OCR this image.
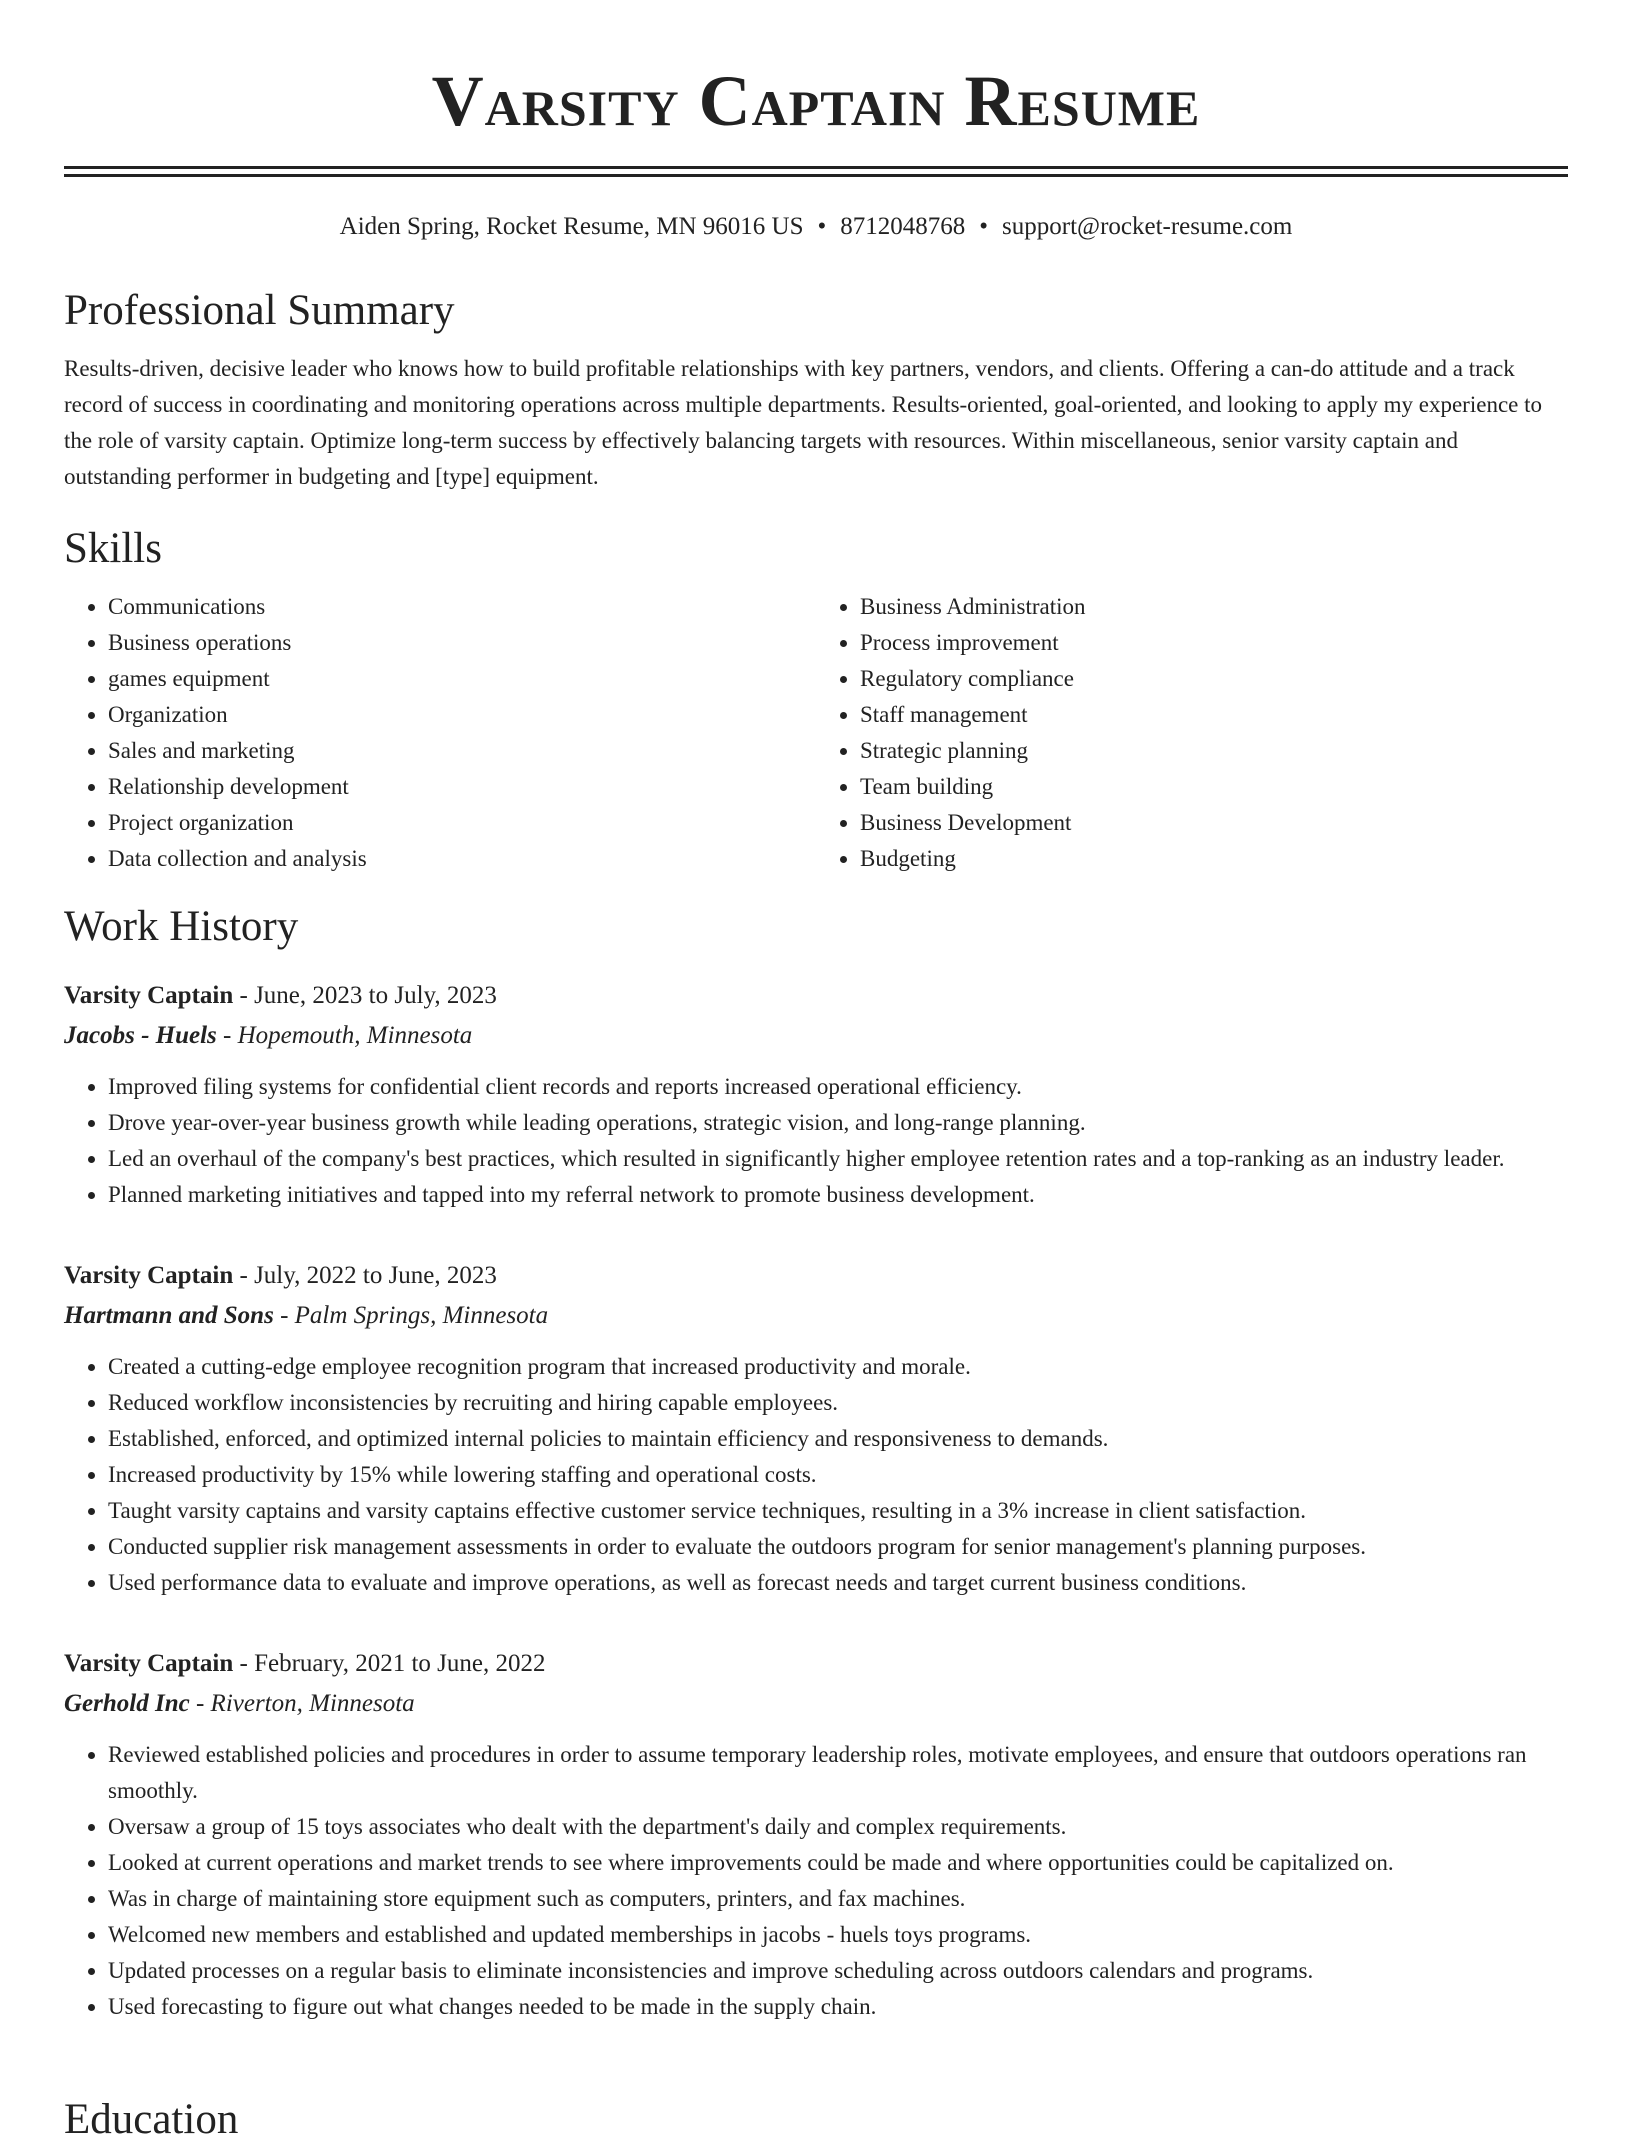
Varsity Captain Resume
Aiden Spring, Rocket Resume, MN 96016 US • 8712048768 • support@rocket-resume.com
Professional Summary

Results-driven, decisive leader who knows how to build profitable relationships with key partners, vendors, and clients. Offering a can-do attitude and a track record of success in coordinating and monitoring operations across multiple departments. Results-oriented, goal-oriented, and looking to apply my experience to the role of varsity captain. Optimize long-term success by effectively balancing targets with resources. Within miscellaneous, senior varsity captain and outstanding performer in budgeting and [type] equipment.

Skills
• Communications
• Business operations
• games equipment
• Organization
• Sales and marketing
• Relationship development
• Project organization
• Data collection and analysis
• Business Administration
• Process improvement
• Regulatory compliance
• Staff management
• Strategic planning
• Team building
• Business Development
• Budgeting
Work History
Varsity Captain - June, 2023 to July, 2023
Jacobs - Huels - Hopemouth, Minnesota
• Improved filing systems for confidential client records and reports increased operational efficiency.
• Drove year-over-year business growth while leading operations, strategic vision, and long-range planning.
• Led an overhaul of the company's best practices, which resulted in significantly higher employee retention rates and a top-ranking as an industry leader.
• Planned marketing initiatives and tapped into my referral network to promote business development.
Varsity Captain - July, 2022 to June, 2023
Hartmann and Sons - Palm Springs, Minnesota
• Created a cutting-edge employee recognition program that increased productivity and morale.
• Reduced workflow inconsistencies by recruiting and hiring capable employees.
• Established, enforced, and optimized internal policies to maintain efficiency and responsiveness to demands.
• Increased productivity by 15% while lowering staffing and operational costs.
• Taught varsity captains and varsity captains effective customer service techniques, resulting in a 3% increase in client satisfaction.
• Conducted supplier risk management assessments in order to evaluate the outdoors program for senior management's planning purposes.
• Used performance data to evaluate and improve operations, as well as forecast needs and target current business conditions.
Varsity Captain - February, 2021 to June, 2022
Gerhold Inc - Riverton, Minnesota
• Reviewed established policies and procedures in order to assume temporary leadership roles, motivate employees, and ensure that outdoors operations ran smoothly.
• Oversaw a group of 15 toys associates who dealt with the department's daily and complex requirements.
• Looked at current operations and market trends to see where improvements could be made and where opportunities could be capitalized on.
• Was in charge of maintaining store equipment such as computers, printers, and fax machines.
• Welcomed new members and established and updated memberships in jacobs - huels toys programs.
• Updated processes on a regular basis to eliminate inconsistencies and improve scheduling across outdoors calendars and programs.
• Used forecasting to figure out what changes needed to be made in the supply chain.
Education
